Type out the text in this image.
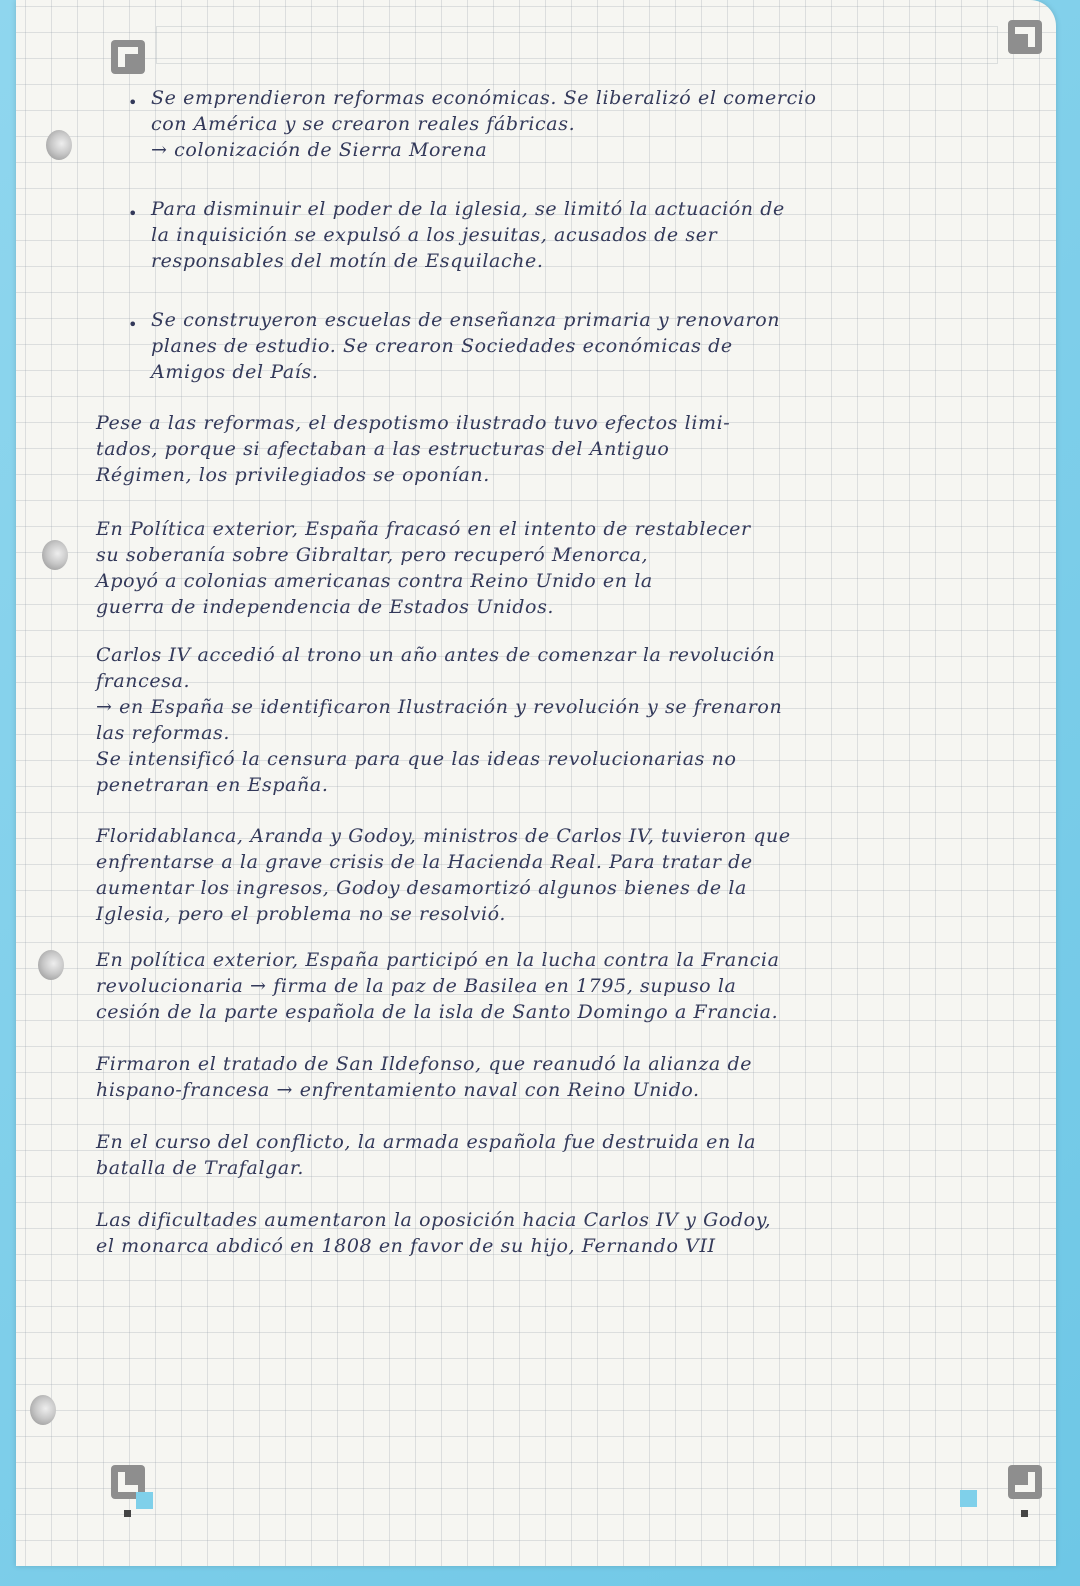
• Se emprendieron reformas económicas. Se liberalizó el comercio
con América y se crearon reales fábricas.
→ colonización de Sierra Morena
• Para disminuir el poder de la iglesia, se limitó la actuación de
la inquisición se expulsó a los jesuitas, acusados de ser
responsables del motín de Esquilache.
• Se construyeron escuelas de enseñanza primaria y renovaron
planes de estudio. Se crearon Sociedades económicas de
Amigos del País.
Pese a las reformas, el despotismo ilustrado tuvo efectos limi-
tados, porque si afectaban a las estructuras del Antiguo
Régimen, los privilegiados se oponían.
En Política exterior, España fracasó en el intento de restablecer
su soberanía sobre Gibraltar, pero recuperó Menorca,
Apoyó a colonias americanas contra Reino Unido en la
guerra de independencia de Estados Unidos.
Carlos IV accedió al trono un año antes de comenzar la revolución
francesa.
→ en España se identificaron Ilustración y revolución y se frenaron
las reformas.
Se intensificó la censura para que las ideas revolucionarias no
penetraran en España.
Floridablanca, Aranda y Godoy, ministros de Carlos IV, tuvieron que
enfrentarse a la grave crisis de la Hacienda Real. Para tratar de
aumentar los ingresos, Godoy desamortizó algunos bienes de la
Iglesia, pero el problema no se resolvió.
En política exterior, España participó en la lucha contra la Francia
revolucionaria → firma de la paz de Basilea en 1795, supuso la
cesión de la parte española de la isla de Santo Domingo a Francia.
Firmaron el tratado de San Ildefonso, que reanudó la alianza de
hispano-francesa → enfrentamiento naval con Reino Unido.
En el curso del conflicto, la armada española fue destruida en la
batalla de Trafalgar.
Las dificultades aumentaron la oposición hacia Carlos IV y Godoy,
el monarca abdicó en 1808 en favor de su hijo, Fernando VII
